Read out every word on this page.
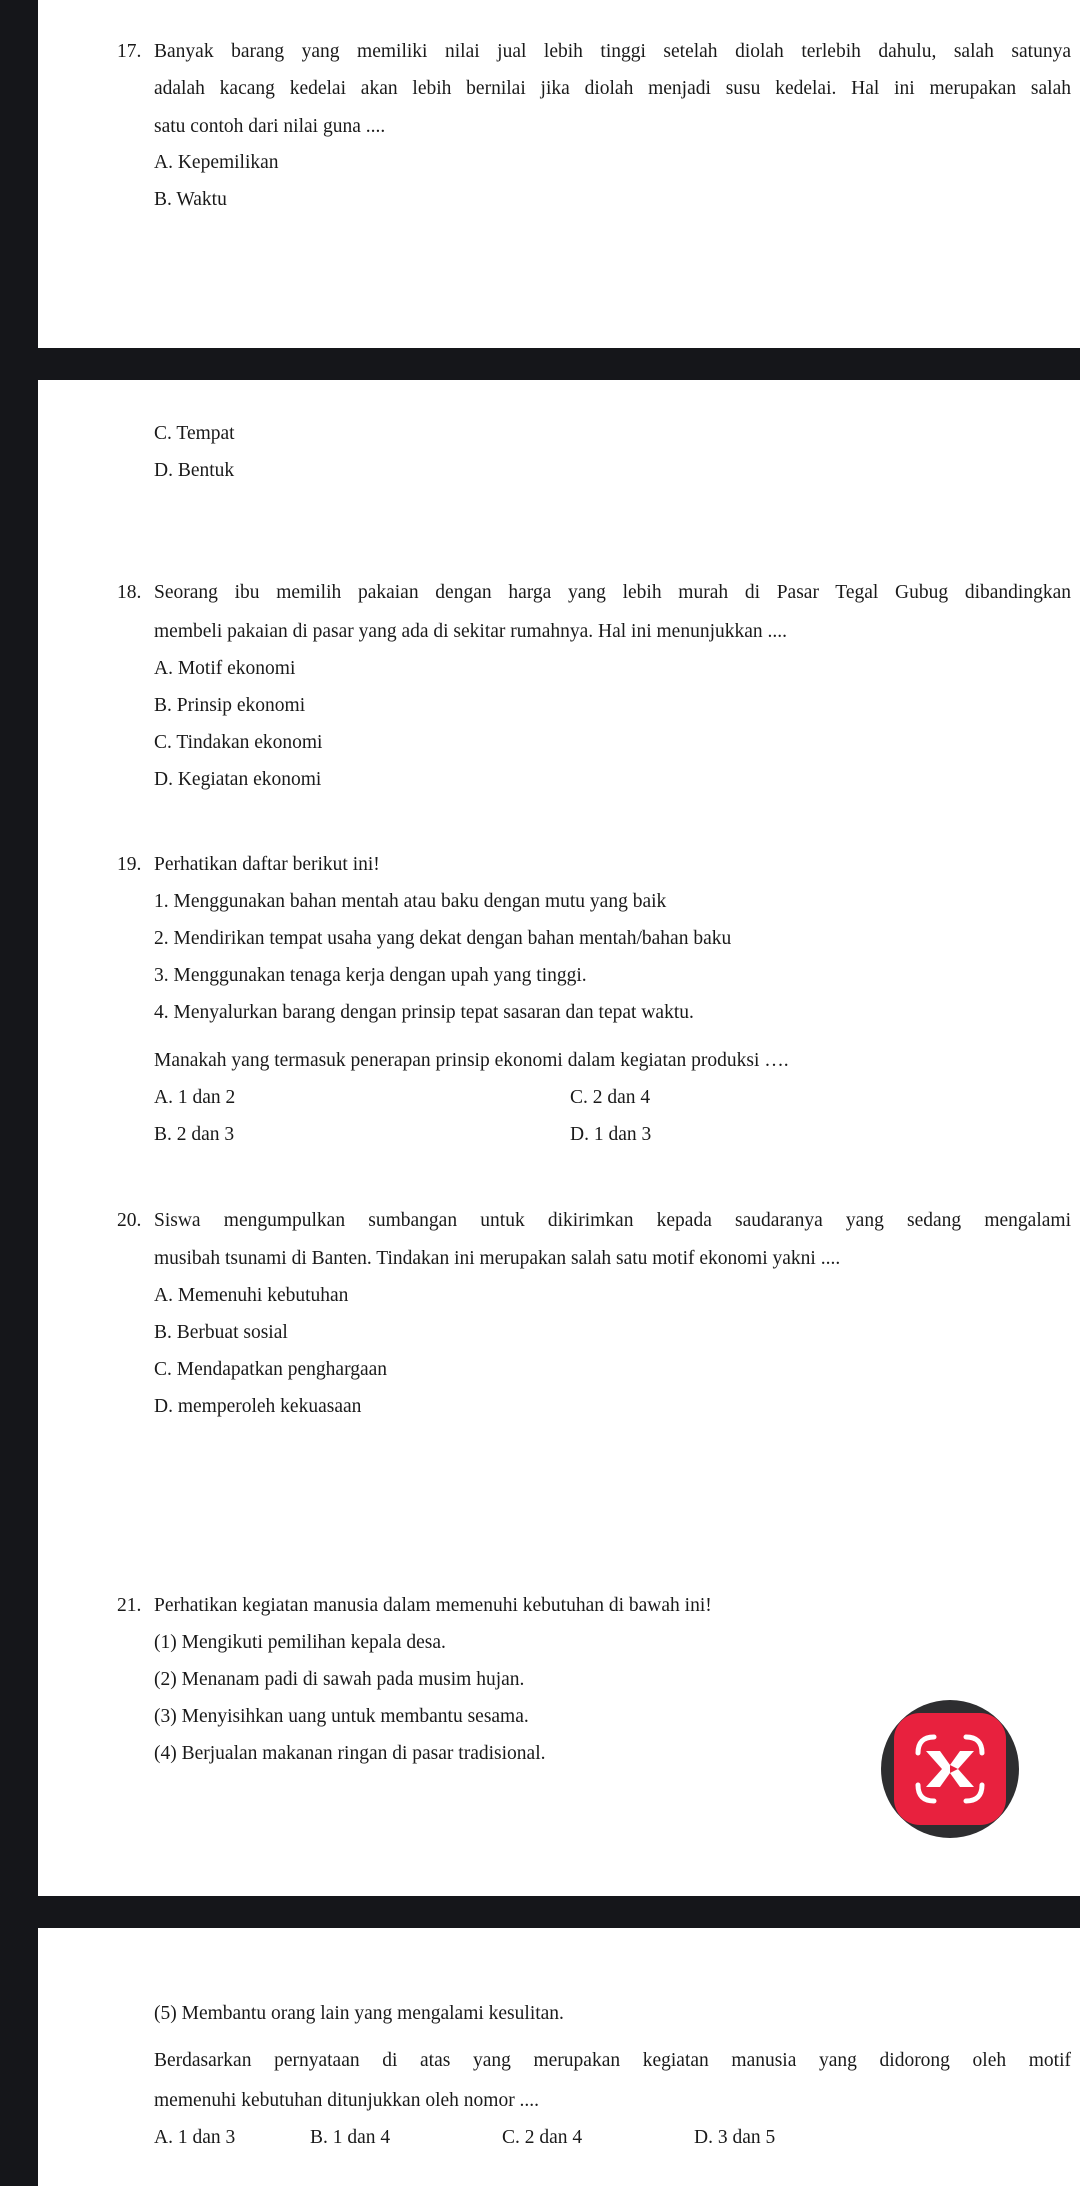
17. Banyak barang yang memiliki nilai jual lebih tinggi setelah diolah terlebih dahulu, salah satunya
adalah kacang kedelai akan lebih bernilai jika diolah menjadi susu kedelai. Hal ini merupakan salah
satu contoh dari nilai guna ....
A. Kepemilikan
B. Waktu
C. Tempat
D. Bentuk
18. Seorang ibu memilih pakaian dengan harga yang lebih murah di Pasar Tegal Gubug dibandingkan
membeli pakaian di pasar yang ada di sekitar rumahnya. Hal ini menunjukkan ....
A. Motif ekonomi
B. Prinsip ekonomi
C. Tindakan ekonomi
D. Kegiatan ekonomi
19. Perhatikan daftar berikut ini!
1. Menggunakan bahan mentah atau baku dengan mutu yang baik
2. Mendirikan tempat usaha yang dekat dengan bahan mentah/bahan baku
3. Menggunakan tenaga kerja dengan upah yang tinggi.
4. Menyalurkan barang dengan prinsip tepat sasaran dan tepat waktu.
Manakah yang termasuk penerapan prinsip ekonomi dalam kegiatan produksi ….
A. 1 dan 2	C. 2 dan 4
B. 2 dan 3	D. 1 dan 3
20. Siswa mengumpulkan sumbangan untuk dikirimkan kepada saudaranya yang sedang mengalami
musibah tsunami di Banten. Tindakan ini merupakan salah satu motif ekonomi yakni ....
A. Memenuhi kebutuhan
B. Berbuat sosial
C. Mendapatkan penghargaan
D. memperoleh kekuasaan
21. Perhatikan kegiatan manusia dalam memenuhi kebutuhan di bawah ini!
(1) Mengikuti pemilihan kepala desa.
(2) Menanam padi di sawah pada musim hujan.
(3) Menyisihkan uang untuk membantu sesama.
(4) Berjualan makanan ringan di pasar tradisional.
(5) Membantu orang lain yang mengalami kesulitan.
Berdasarkan pernyataan di atas yang merupakan kegiatan manusia yang didorong oleh motif
memenuhi kebutuhan ditunjukkan oleh nomor ....
A. 1 dan 3	B. 1 dan 4	C. 2 dan 4	D. 3 dan 5
